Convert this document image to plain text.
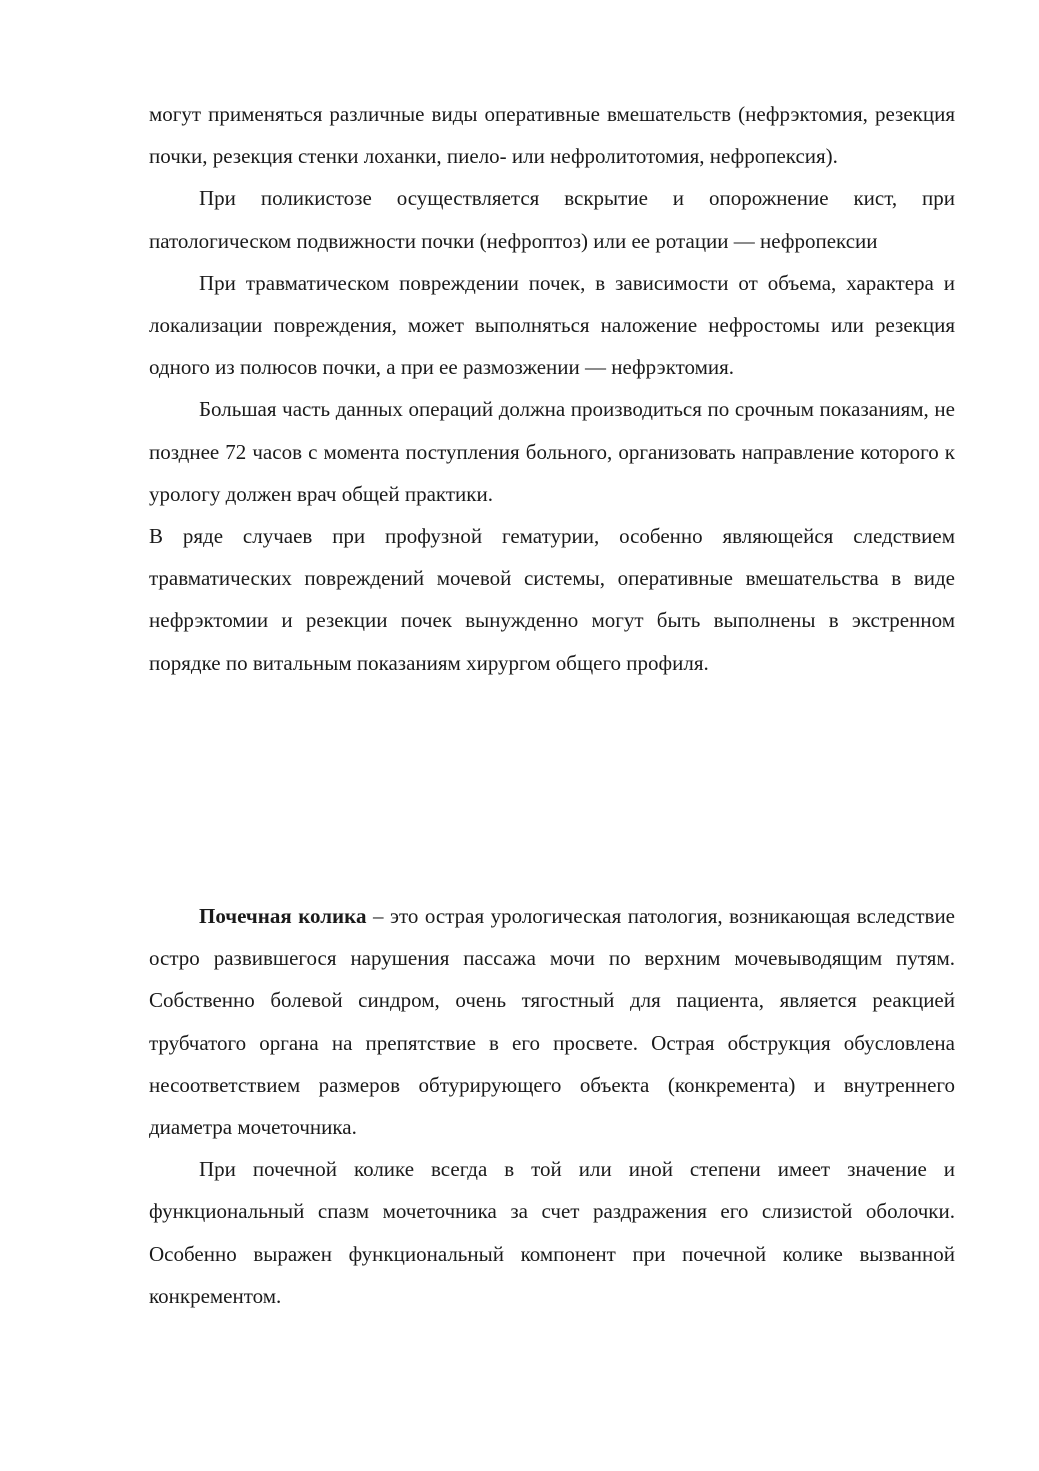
могут применяться различные виды оперативные вмешательств (нефрэктомия, резекция почки, резекция стенки лоханки, пиело- или нефролитотомия, нефропексия).

При поликистозе осуществляется вскрытие и опорожнение кист, при патологическом подвижности почки (нефроптоз) или ее ротации — нефропексии

При травматическом повреждении почек, в зависимости от объема, характера и локализации повреждения, может выполняться наложение нефростомы или резекция одного из полюсов почки, а при ее размозжении — нефрэктомия.

Большая часть данных операций должна производиться по срочным показаниям, не позднее 72 часов с момента поступления больного, организовать направление которого к урологу должен врач общей практики.

В ряде случаев при профузной гематурии, особенно являющейся следствием травматических повреждений мочевой системы, оперативные вмешательства в виде нефрэктомии и резекции почек вынужденно могут быть выполнены в экстренном порядке по витальным показаниям хирургом общего профиля.

Почечная колика – это острая урологическая патология, возникающая вследствие остро развившегося нарушения пассажа мочи по верхним мочевыводящим путям. Собственно болевой синдром, очень тягостный для пациента, является реакцией трубчатого органа на препятствие в его просвете. Острая обструкция обусловлена несоответствием размеров обтурирующего объекта (конкремента) и внутреннего диаметра мочеточника.

При почечной колике всегда в той или иной степени имеет значение и функциональный спазм мочеточника за счет раздражения его слизистой оболочки. Особенно выражен функциональный компонент при почечной колике вызванной конкрементом.
